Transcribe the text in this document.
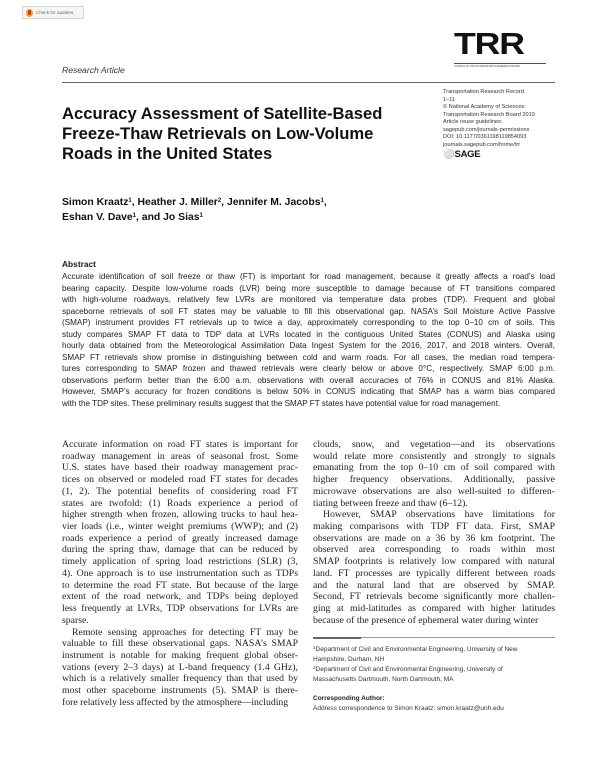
Check for updates
TRR
JOURNAL OF THE TRANSPORTATION RESEARCH BOARD
Research Article
Transportation Research Record
1–11
© National Academy of Sciences:
Transportation Research Board 2019
Article reuse guidelines:
sagepub.com/journals-permissions
DOI: 10.1177/0361198119854093
journals.sagepub.com/home/trr
⚪SAGE
Accuracy Assessment of Satellite-Based
Freeze-Thaw Retrievals on Low-Volume
Roads in the United States
Simon Kraatz$^1$, Heather J. Miller$^2$, Jennifer M. Jacobs$^1$,
Eshan V. Dave$^1$, and Jo Sias$^1$
Abstract
Accurate identification of soil freeze or thaw (FT) is important for road management, because it greatly affects a road’s load
bearing capacity. Despite low-volume roads (LVR) being more susceptible to damage because of FT transitions compared
with high-volume roadways, relatively few LVRs are monitored via temperature data probes (TDP). Frequent and global
spaceborne retrievals of soil FT states may be valuable to fill this observational gap. NASA’s Soil Moisture Active Passive
(SMAP) instrument provides FT retrievals up to twice a day, approximately corresponding to the top 0–10 cm of soils. This
study compares SMAP FT data to TDP data at LVRs located in the contiguous United States (CONUS) and Alaska using
hourly data obtained from the Meteorological Assimilation Data Ingest System for the 2016, 2017, and 2018 winters. Overall,
SMAP FT retrievals show promise in distinguishing between cold and warm roads. For all cases, the median road tempera-
tures corresponding to SMAP frozen and thawed retrievals were clearly below or above 0°C, respectively. SMAP 6:00 p.m.
observations perform better than the 6:00 a.m. observations with overall accuracies of 76% in CONUS and 81% Alaska.
However, SMAP’s accuracy for frozen conditions is below 50% in CONUS indicating that SMAP has a warm bias compared
with the TDP sites. These preliminary results suggest that the SMAP FT states have potential value for road management.
Accurate information on road FT states is important for
roadway management in areas of seasonal frost. Some
U.S. states have based their roadway management prac-
tices on observed or modeled road FT states for decades
(1, 2). The potential benefits of considering road FT
states are twofold: (1) Roads experience a period of
higher strength when frozen, allowing trucks to haul hea-
vier loads (i.e., winter weight premiums (WWP); and (2)
roads experience a period of greatly increased damage
during the spring thaw, damage that can be reduced by
timely application of spring load restrictions (SLR) (3,
4). One approach is to use instrumentation such as TDPs
to determine the road FT state. But because of the large
extent of the road network, and TDPs being deployed
less frequently at LVRs, TDP observations for LVRs are
sparse.
Remote sensing approaches for detecting FT may be
valuable to fill these observational gaps. NASA’s SMAP
instrument is notable for making frequent global obser-
vations (every 2–3 days) at L-band frequency (1.4 GHz),
which is a relatively smaller frequency than that used by
most other spaceborne instruments (5). SMAP is there-
fore relatively less affected by the atmosphere—including
clouds, snow, and vegetation—and its observations
would relate more consistently and strongly to signals
emanating from the top 0–10 cm of soil compared with
higher frequency observations. Additionally, passive
microwave observations are also well-suited to differen-
tiating between freeze and thaw (6–12).
However, SMAP observations have limitations for
making comparisons with TDP FT data. First, SMAP
observations are made on a 36 by 36 km footprint. The
observed area corresponding to roads within most
SMAP footprints is relatively low compared with natural
land. FT processes are typically different between roads
and the natural land that are observed by SMAP.
Second, FT retrievals become significantly more challen-
ging at mid-latitudes as compared with higher latitudes
because of the presence of ephemeral water during winter
$^1$Department of Civil and Environmental Engineering, University of New
Hampshire, Durham, NH
$^2$Department of Civil and Environmental Engineering, University of
Massachusetts Dartmouth, North Dartmouth, MA
Corresponding Author:
Address correspondence to Simon Kraatz: simon.kraatz@unh.edu
